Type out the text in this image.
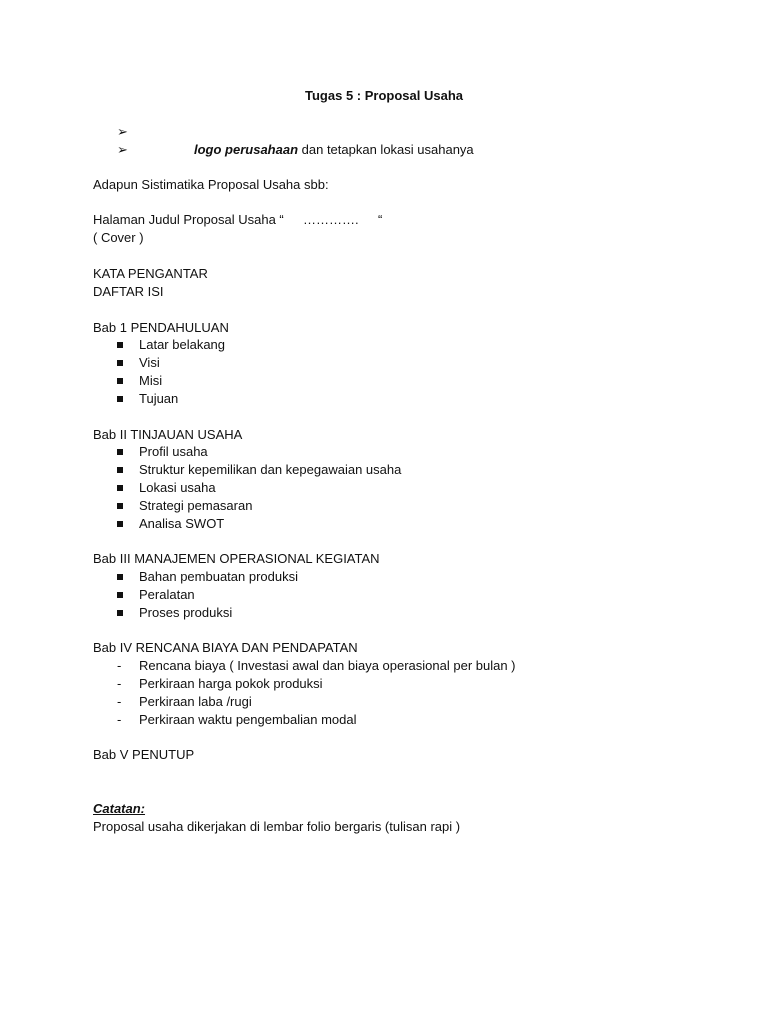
Tugas 5 : Proposal Usaha
➢
➢	logo perusahaan dan tetapkan lokasi usahanya
Adapun Sistimatika Proposal Usaha sbb:
Halaman Judul Proposal Usaha “ …………. “
( Cover )
KATA PENGANTAR
DAFTAR ISI
Bab 1 PENDAHULUAN
Latar belakang
Visi
Misi
Tujuan
Bab II TINJAUAN USAHA
Profil usaha
Struktur kepemilikan dan kepegawaian usaha
Lokasi usaha
Strategi pemasaran
Analisa SWOT
Bab III MANAJEMEN OPERASIONAL KEGIATAN
Bahan pembuatan produksi
Peralatan
Proses produksi
Bab IV RENCANA BIAYA DAN PENDAPATAN
-	Rencana biaya ( Investasi awal dan biaya operasional per bulan )
-	Perkiraan harga pokok produksi
-	Perkiraan laba /rugi
-	Perkiraan waktu pengembalian modal
Bab V PENUTUP
Catatan:
Proposal usaha dikerjakan di lembar folio bergaris (tulisan rapi )
